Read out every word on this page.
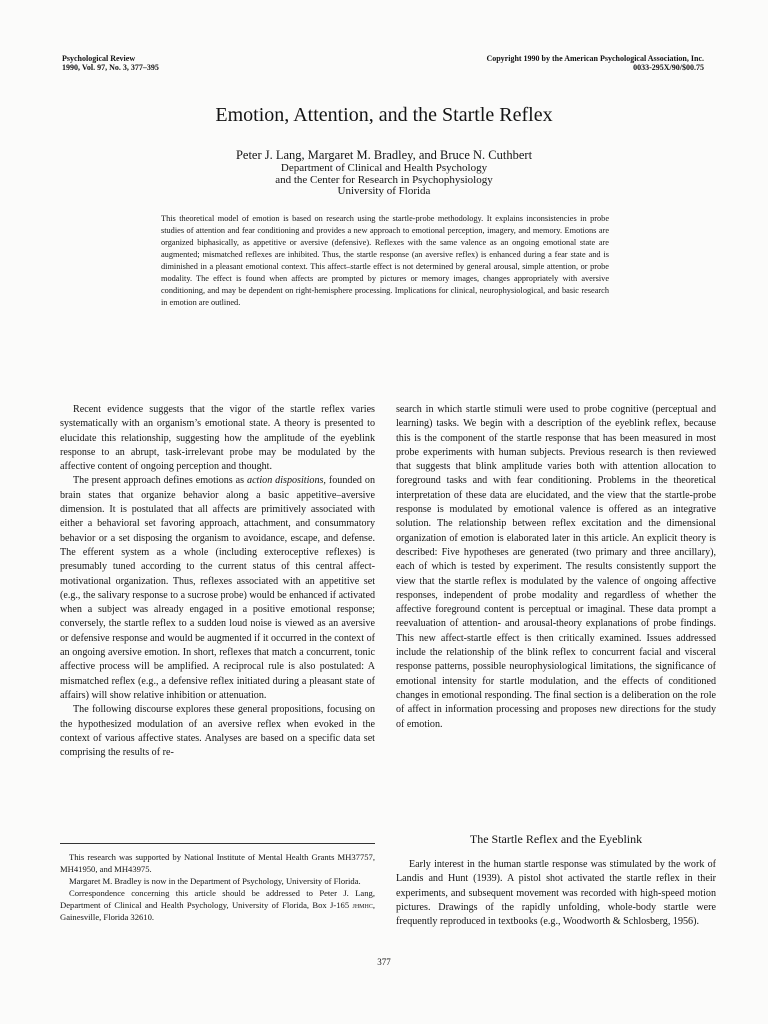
Psychological Review
1990, Vol. 97, No. 3, 377–395
Copyright 1990 by the American Psychological Association, Inc.
0033-295X/90/$00.75
Emotion, Attention, and the Startle Reflex
Peter J. Lang, Margaret M. Bradley, and Bruce N. Cuthbert
Department of Clinical and Health Psychology
and the Center for Research in Psychophysiology
University of Florida
This theoretical model of emotion is based on research using the startle-probe methodology. It explains inconsistencies in probe studies of attention and fear conditioning and provides a new approach to emotional perception, imagery, and memory. Emotions are organized biphasically, as appetitive or aversive (defensive). Reflexes with the same valence as an ongoing emotional state are augmented; mismatched reflexes are inhibited. Thus, the startle response (an aversive reflex) is enhanced during a fear state and is diminished in a pleasant emotional context. This affect–startle effect is not determined by general arousal, simple attention, or probe modality. The effect is found when affects are prompted by pictures or memory images, changes appropriately with aversive conditioning, and may be dependent on right-hemisphere processing. Implications for clinical, neurophysiological, and basic research in emotion are outlined.

Recent evidence suggests that the vigor of the startle reflex varies systematically with an organism’s emotional state. A theory is presented to elucidate this relationship, suggesting how the amplitude of the eyeblink response to an abrupt, task-irrelevant probe may be modulated by the affective content of ongoing perception and thought.

The present approach defines emotions as action dispositions, founded on brain states that organize behavior along a basic appetitive–aversive dimension. It is postulated that all affects are primitively associated with either a behavioral set favoring approach, attachment, and consummatory behavior or a set disposing the organism to avoidance, escape, and defense. The efferent system as a whole (including exteroceptive reflexes) is presumably tuned according to the current status of this central affect-motivational organization. Thus, reflexes associated with an appetitive set (e.g., the salivary response to a sucrose probe) would be enhanced if activated when a subject was already engaged in a positive emotional response; conversely, the startle reflex to a sudden loud noise is viewed as an aversive or defensive response and would be augmented if it occurred in the context of an ongoing aversive emotion. In short, reflexes that match a concurrent, tonic affective process will be amplified. A reciprocal rule is also postulated: A mismatched reflex (e.g., a defensive reflex initiated during a pleasant state of affairs) will show relative inhibition or attenuation.

The following discourse explores these general propositions, focusing on the hypothesized modulation of an aversive reflex when evoked in the context of various affective states. Analyses are based on a specific data set comprising the results of re-

search in which startle stimuli were used to probe cognitive (perceptual and learning) tasks. We begin with a description of the eyeblink reflex, because this is the component of the startle response that has been measured in most probe experiments with human subjects. Previous research is then reviewed that suggests that blink amplitude varies both with attention allocation to foreground tasks and with fear conditioning. Problems in the theoretical interpretation of these data are elucidated, and the view that the startle-probe response is modulated by emotional valence is offered as an integrative solution. The relationship between reflex excitation and the dimensional organization of emotion is elaborated later in this article. An explicit theory is described: Five hypotheses are generated (two primary and three ancillary), each of which is tested by experiment. The results consistently support the view that the startle reflex is modulated by the valence of ongoing affective responses, independent of probe modality and regardless of whether the affective foreground content is perceptual or imaginal. These data prompt a reevaluation of attention- and arousal-theory explanations of probe findings. This new affect-startle effect is then critically examined. Issues addressed include the relationship of the blink reflex to concurrent facial and visceral response patterns, possible neurophysiological limitations, the significance of emotional intensity for startle modulation, and the effects of conditioned changes in emotional responding. The final section is a deliberation on the role of affect in information processing and proposes new directions for the study of emotion.

The Startle Reflex and the Eyeblink

Early interest in the human startle response was stimulated by the work of Landis and Hunt (1939). A pistol shot activated the startle reflex in their experiments, and subsequent movement was recorded with high-speed motion pictures. Drawings of the rapidly unfolding, whole-body startle were frequently reproduced in textbooks (e.g., Woodworth & Schlosberg, 1956).

This research was supported by National Institute of Mental Health Grants MH37757, MH41950, and MH43975.

Margaret M. Bradley is now in the Department of Psychology, University of Florida.

Correspondence concerning this article should be addressed to Peter J. Lang, Department of Clinical and Health Psychology, University of Florida, Box J-165 jhmhc, Gainesville, Florida 32610.

377
